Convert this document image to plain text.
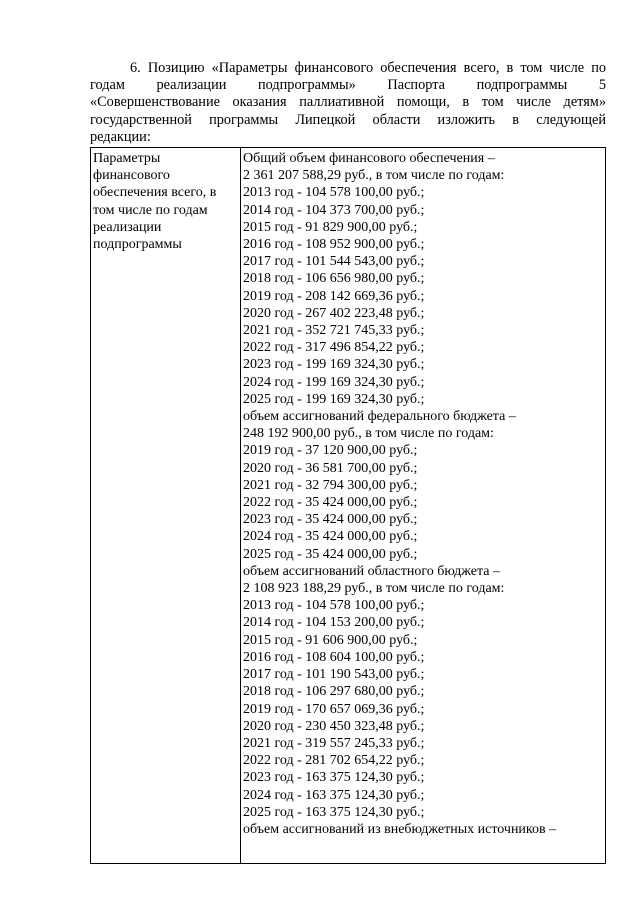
6. Позицию «Параметры финансового обеспечения всего, в том числе по
годам реализации подпрограммы» Паспорта подпрограммы 5
«Совершенствование оказания паллиативной помощи, в том числе детям»
государственной программы Липецкой области изложить в следующей
редакции:
Параметры
финансового
обеспечения всего, в
том числе по годам
реализации
подпрограммы
Общий объем финансового обеспечения –
2 361 207 588,29 руб., в том числе по годам:
2013 год - 104 578 100,00 руб.;
2014 год - 104 373 700,00 руб.;
2015 год - 91 829 900,00 руб.;
2016 год - 108 952 900,00 руб.;
2017 год - 101 544 543,00 руб.;
2018 год - 106 656 980,00 руб.;
2019 год - 208 142 669,36 руб.;
2020 год - 267 402 223,48 руб.;
2021 год - 352 721 745,33 руб.;
2022 год - 317 496 854,22 руб.;
2023 год - 199 169 324,30 руб.;
2024 год - 199 169 324,30 руб.;
2025 год - 199 169 324,30 руб.;
объем ассигнований федерального бюджета –
248 192 900,00 руб., в том числе по годам:
2019 год - 37 120 900,00 руб.;
2020 год - 36 581 700,00 руб.;
2021 год - 32 794 300,00 руб.;
2022 год - 35 424 000,00 руб.;
2023 год - 35 424 000,00 руб.;
2024 год - 35 424 000,00 руб.;
2025 год - 35 424 000,00 руб.;
объем ассигнований областного бюджета –
2 108 923 188,29 руб., в том числе по годам:
2013 год - 104 578 100,00 руб.;
2014 год - 104 153 200,00 руб.;
2015 год - 91 606 900,00 руб.;
2016 год - 108 604 100,00 руб.;
2017 год - 101 190 543,00 руб.;
2018 год - 106 297 680,00 руб.;
2019 год - 170 657 069,36 руб.;
2020 год - 230 450 323,48 руб.;
2021 год - 319 557 245,33 руб.;
2022 год - 281 702 654,22 руб.;
2023 год - 163 375 124,30 руб.;
2024 год - 163 375 124,30 руб.;
2025 год - 163 375 124,30 руб.;
объем ассигнований из внебюджетных источников –
